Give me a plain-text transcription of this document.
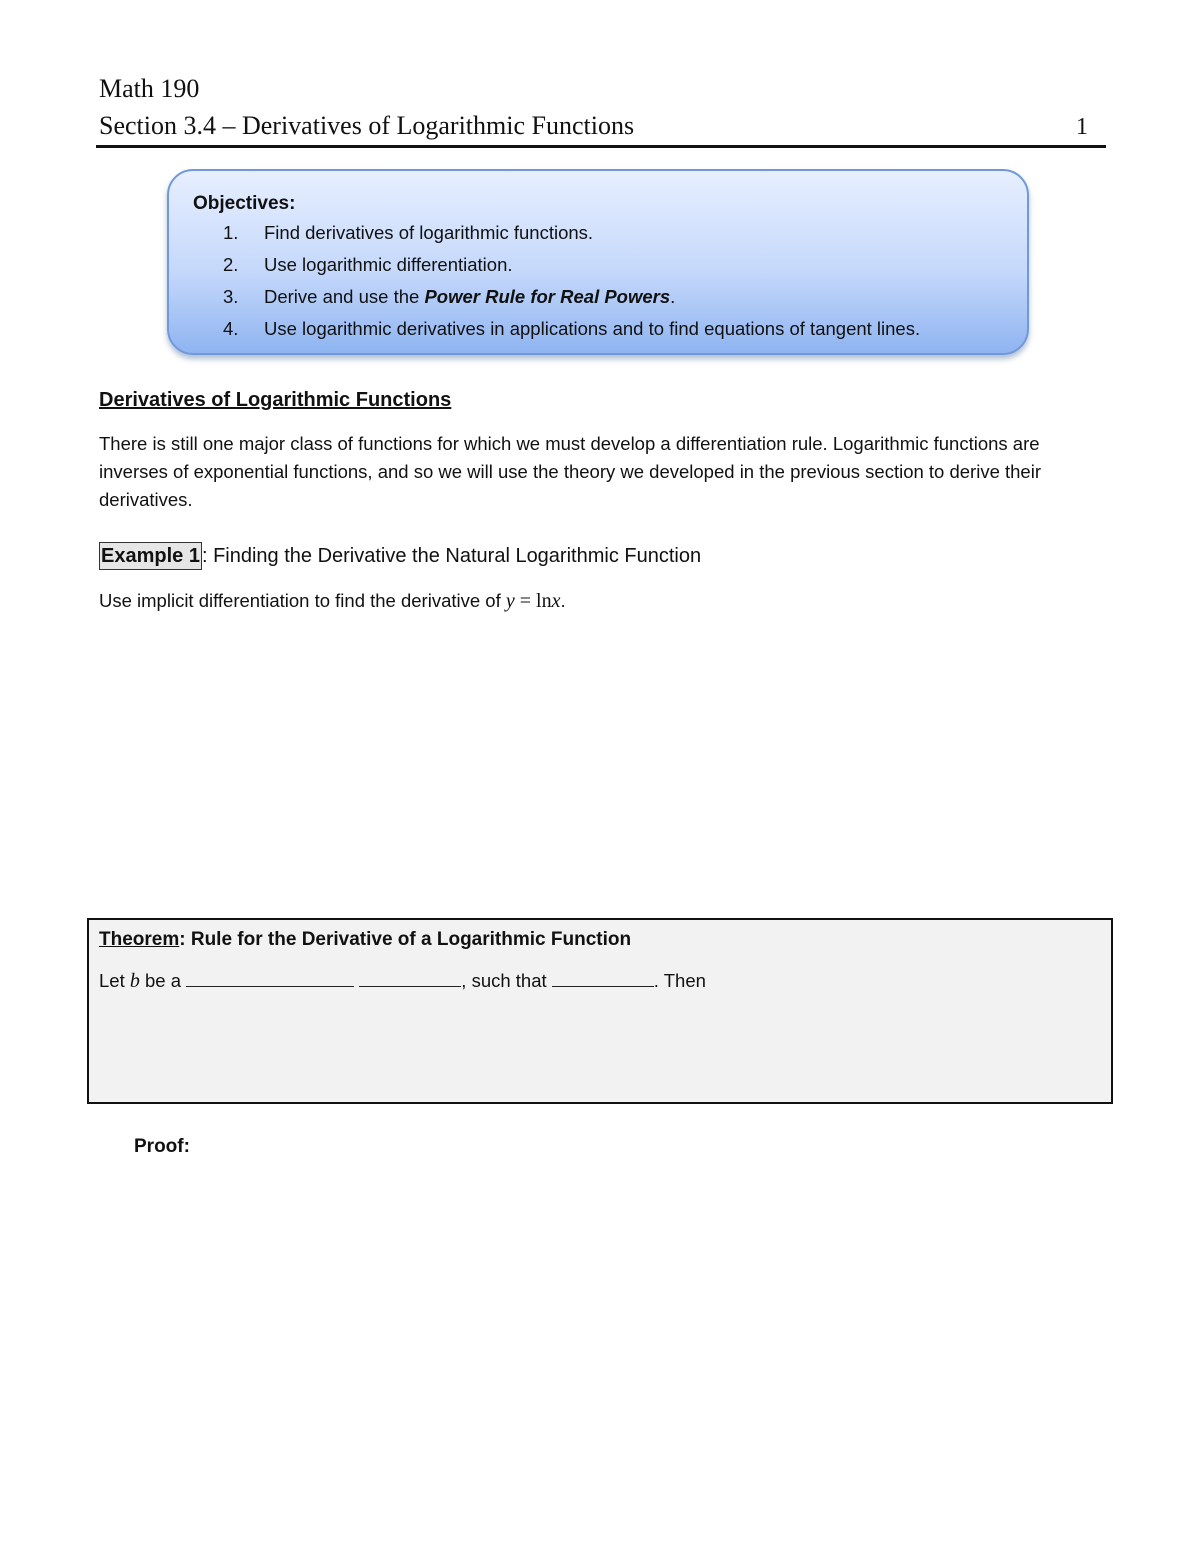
Math 190
Section 3.4 – Derivatives of Logarithmic Functions	1
Objectives:
1. Find derivatives of logarithmic functions.
2. Use logarithmic differentiation.
3. Derive and use the Power Rule for Real Powers.
4. Use logarithmic derivatives in applications and to find equations of tangent lines.
Derivatives of Logarithmic Functions

There is still one major class of functions for which we must develop a differentiation rule. Logarithmic functions are inverses of exponential functions, and so we will use the theory we developed in the previous section to derive their derivatives.

Example 1 : Finding the Derivative the Natural Logarithmic Function
Use implicit differentiation to find the derivative of y = lnx.
Theorem: Rule for the Derivative of a Logarithmic Function
Let b be a	, such that	. Then
Proof:
